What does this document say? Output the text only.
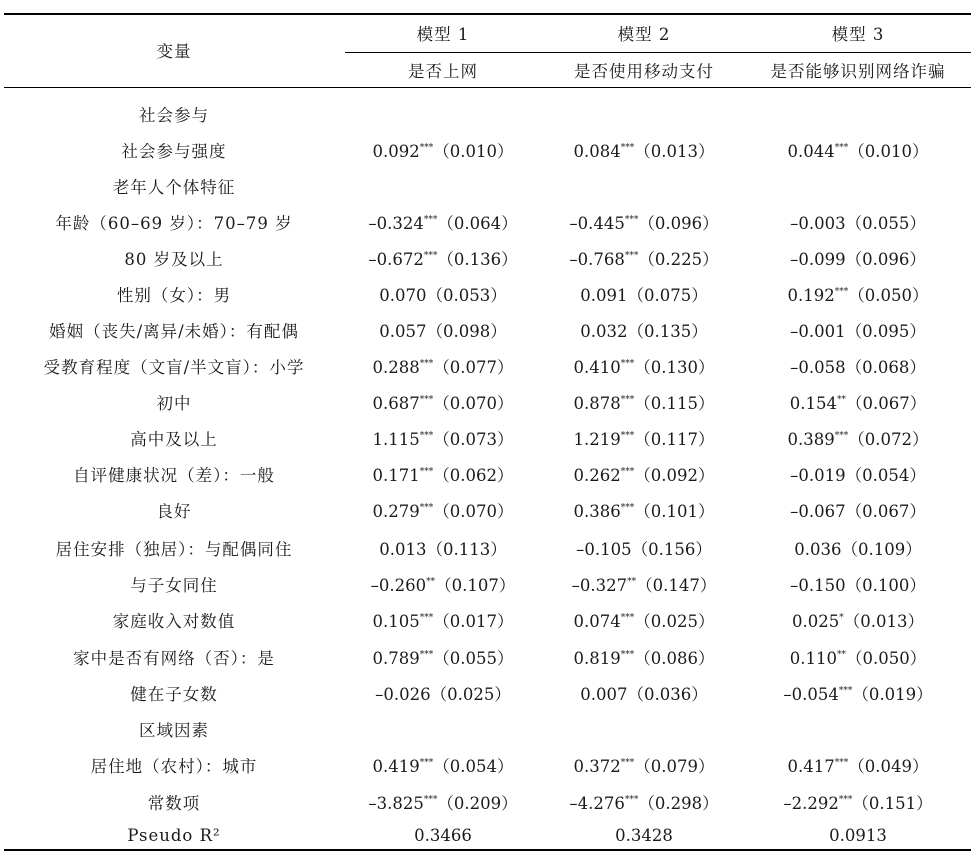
变量
模型 1	模型 2	模型 3
是否上网	是否使用移动支付	是否能够识别网络诈骗
社会参与
社会参与强度	0.092***（0.010）	0.084***（0.013）	0.044***（0.010）
老年人个体特征
年龄（60–69 岁）：70–79 岁	–0.324***（0.064）	–0.445***（0.096）	–0.003（0.055）
80 岁及以上	–0.672***（0.136）	–0.768***（0.225）	–0.099（0.096）
性别（女）：男	0.070（0.053）	0.091（0.075）	0.192***（0.050）
婚姻（丧失/离异/未婚）：有配偶	0.057（0.098）	0.032（0.135）	–0.001（0.095）
受教育程度（文盲/半文盲）：小学	0.288***（0.077）	0.410***（0.130）	–0.058（0.068）
初中	0.687***（0.070）	0.878***（0.115）	0.154**（0.067）
高中及以上	1.115***（0.073）	1.219***（0.117）	0.389***（0.072）
自评健康状况（差）：一般	0.171***（0.062）	0.262***（0.092）	–0.019（0.054）
良好	0.279***（0.070）	0.386***（0.101）	–0.067（0.067）
居住安排（独居）：与配偶同住	0.013（0.113）	–0.105（0.156）	0.036（0.109）
与子女同住	–0.260**（0.107）	–0.327**（0.147）	–0.150（0.100）
家庭收入对数值	0.105***（0.017）	0.074***（0.025）	0.025*（0.013）
家中是否有网络（否）：是	0.789***（0.055）	0.819***（0.086）	0.110**（0.050）
健在子女数	–0.026（0.025）	0.007（0.036）	–0.054***（0.019）
区域因素
居住地（农村）：城市	0.419***（0.054）	0.372***（0.079）	0.417***（0.049）
常数项	–3.825***（0.209）	–4.276***（0.298）	–2.292***（0.151）
Pseudo R²	0.3466	0.3428	0.0913
